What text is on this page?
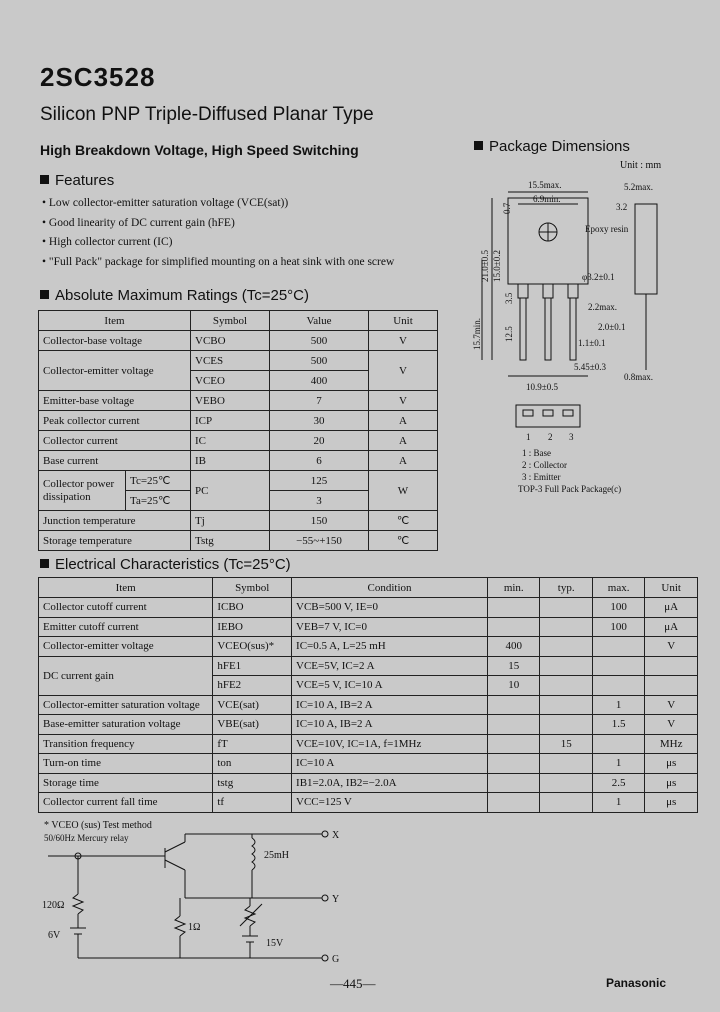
2SC3528
Silicon PNP Triple-Diffused Planar Type
High Breakdown Voltage, High Speed Switching
Features
• Low collector-emitter saturation voltage (VCE(sat))
• Good linearity of DC current gain (hFE)
• High collector current (IC)
• "Full Pack" package for simplified mounting on a heat sink with one screw
Absolute Maximum Ratings (Tc=25°C)
Item		Symbol	Value	Unit
Collector-base voltage		VCBO	500	V
Collector-emitter voltage		VCES	500	V
		VCEO	400	
Emitter-base voltage		VEBO	7	V
Peak collector current		ICP	30	A
Collector current		IC	20	A
Base current		IB	6	A
Collector power dissipation	Tc=25℃	PC	125	W
	Ta=25℃		3	
Junction temperature		Tj	150	℃
Storage temperature		Tstg	−55~+150	℃
Electrical Characteristics (Tc=25°C)
Item	Symbol	Condition	min.	typ.	max.	Unit
Collector cutoff current	ICBO	VCB=500 V, IE=0			100	μA
Emitter cutoff current	IEBO	VEB=7 V, IC=0			100	μA
Collector-emitter voltage	VCEO(sus)*	IC=0.5 A, L=25 mH	400			V
DC current gain	hFE1	VCE=5V, IC=2 A	15			
	hFE2	VCE=5 V, IC=10 A	10			
Collector-emitter saturation voltage	VCE(sat)	IC=10 A, IB=2 A			1	V
Base-emitter saturation voltage	VBE(sat)	IC=10 A, IB=2 A			1.5	V
Transition frequency	fT	VCE=10V, IC=1A, f=1MHz		15		MHz
Turn-on time	ton	IC=10 A			1	μs
Storage time	tstg	IB1=2.0A, IB2=−2.0A			2.5	μs
Collector current fall time	tf	VCC=125 V			1	μs
Package Dimensions
Unit : mm
15.5max.
6.9min.
5.2max.
3.2
Epoxy resin
φ3.2±0.1
2.2max.
2.0±0.1
1.1±0.1
5.45±0.3
0.8max.
10.9±0.5
0.7
21.0±0.5 15.0±0.2
3.5
15.7min. 12.5
1 2 3
1 : Base
2 : Collector
3 : Emitter
TOP-3 Full Pack Package(c)
* VCEO (sus) Test method
50/60Hz Mercury relay	X
Y
G
25mH
120Ω
1Ω
6V
15V
—445—	Panasonic
